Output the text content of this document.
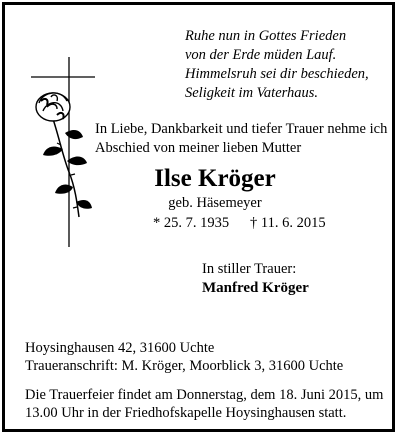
Ruhe nun in Gottes Frieden
von der Erde müden Lauf.
Himmelsruh sei dir beschieden,
Seligkeit im Vaterhaus.
In Liebe, Dankbarkeit und tiefer Trauer nehme ich
Abschied von meiner lieben Mutter
Ilse Kröger
geb. Häsemeyer
* 25. 7. 1935 † 11. 6. 2015
In stiller Trauer:
Manfred Kröger
Hoysinghausen 42, 31600 Uchte
Traueranschrift: M. Kröger, Moorblick 3, 31600 Uchte
Die Trauerfeier findet am Donnerstag, dem 18. Juni 2015, um
13.00 Uhr in der Friedhofskapelle Hoysinghausen statt.
